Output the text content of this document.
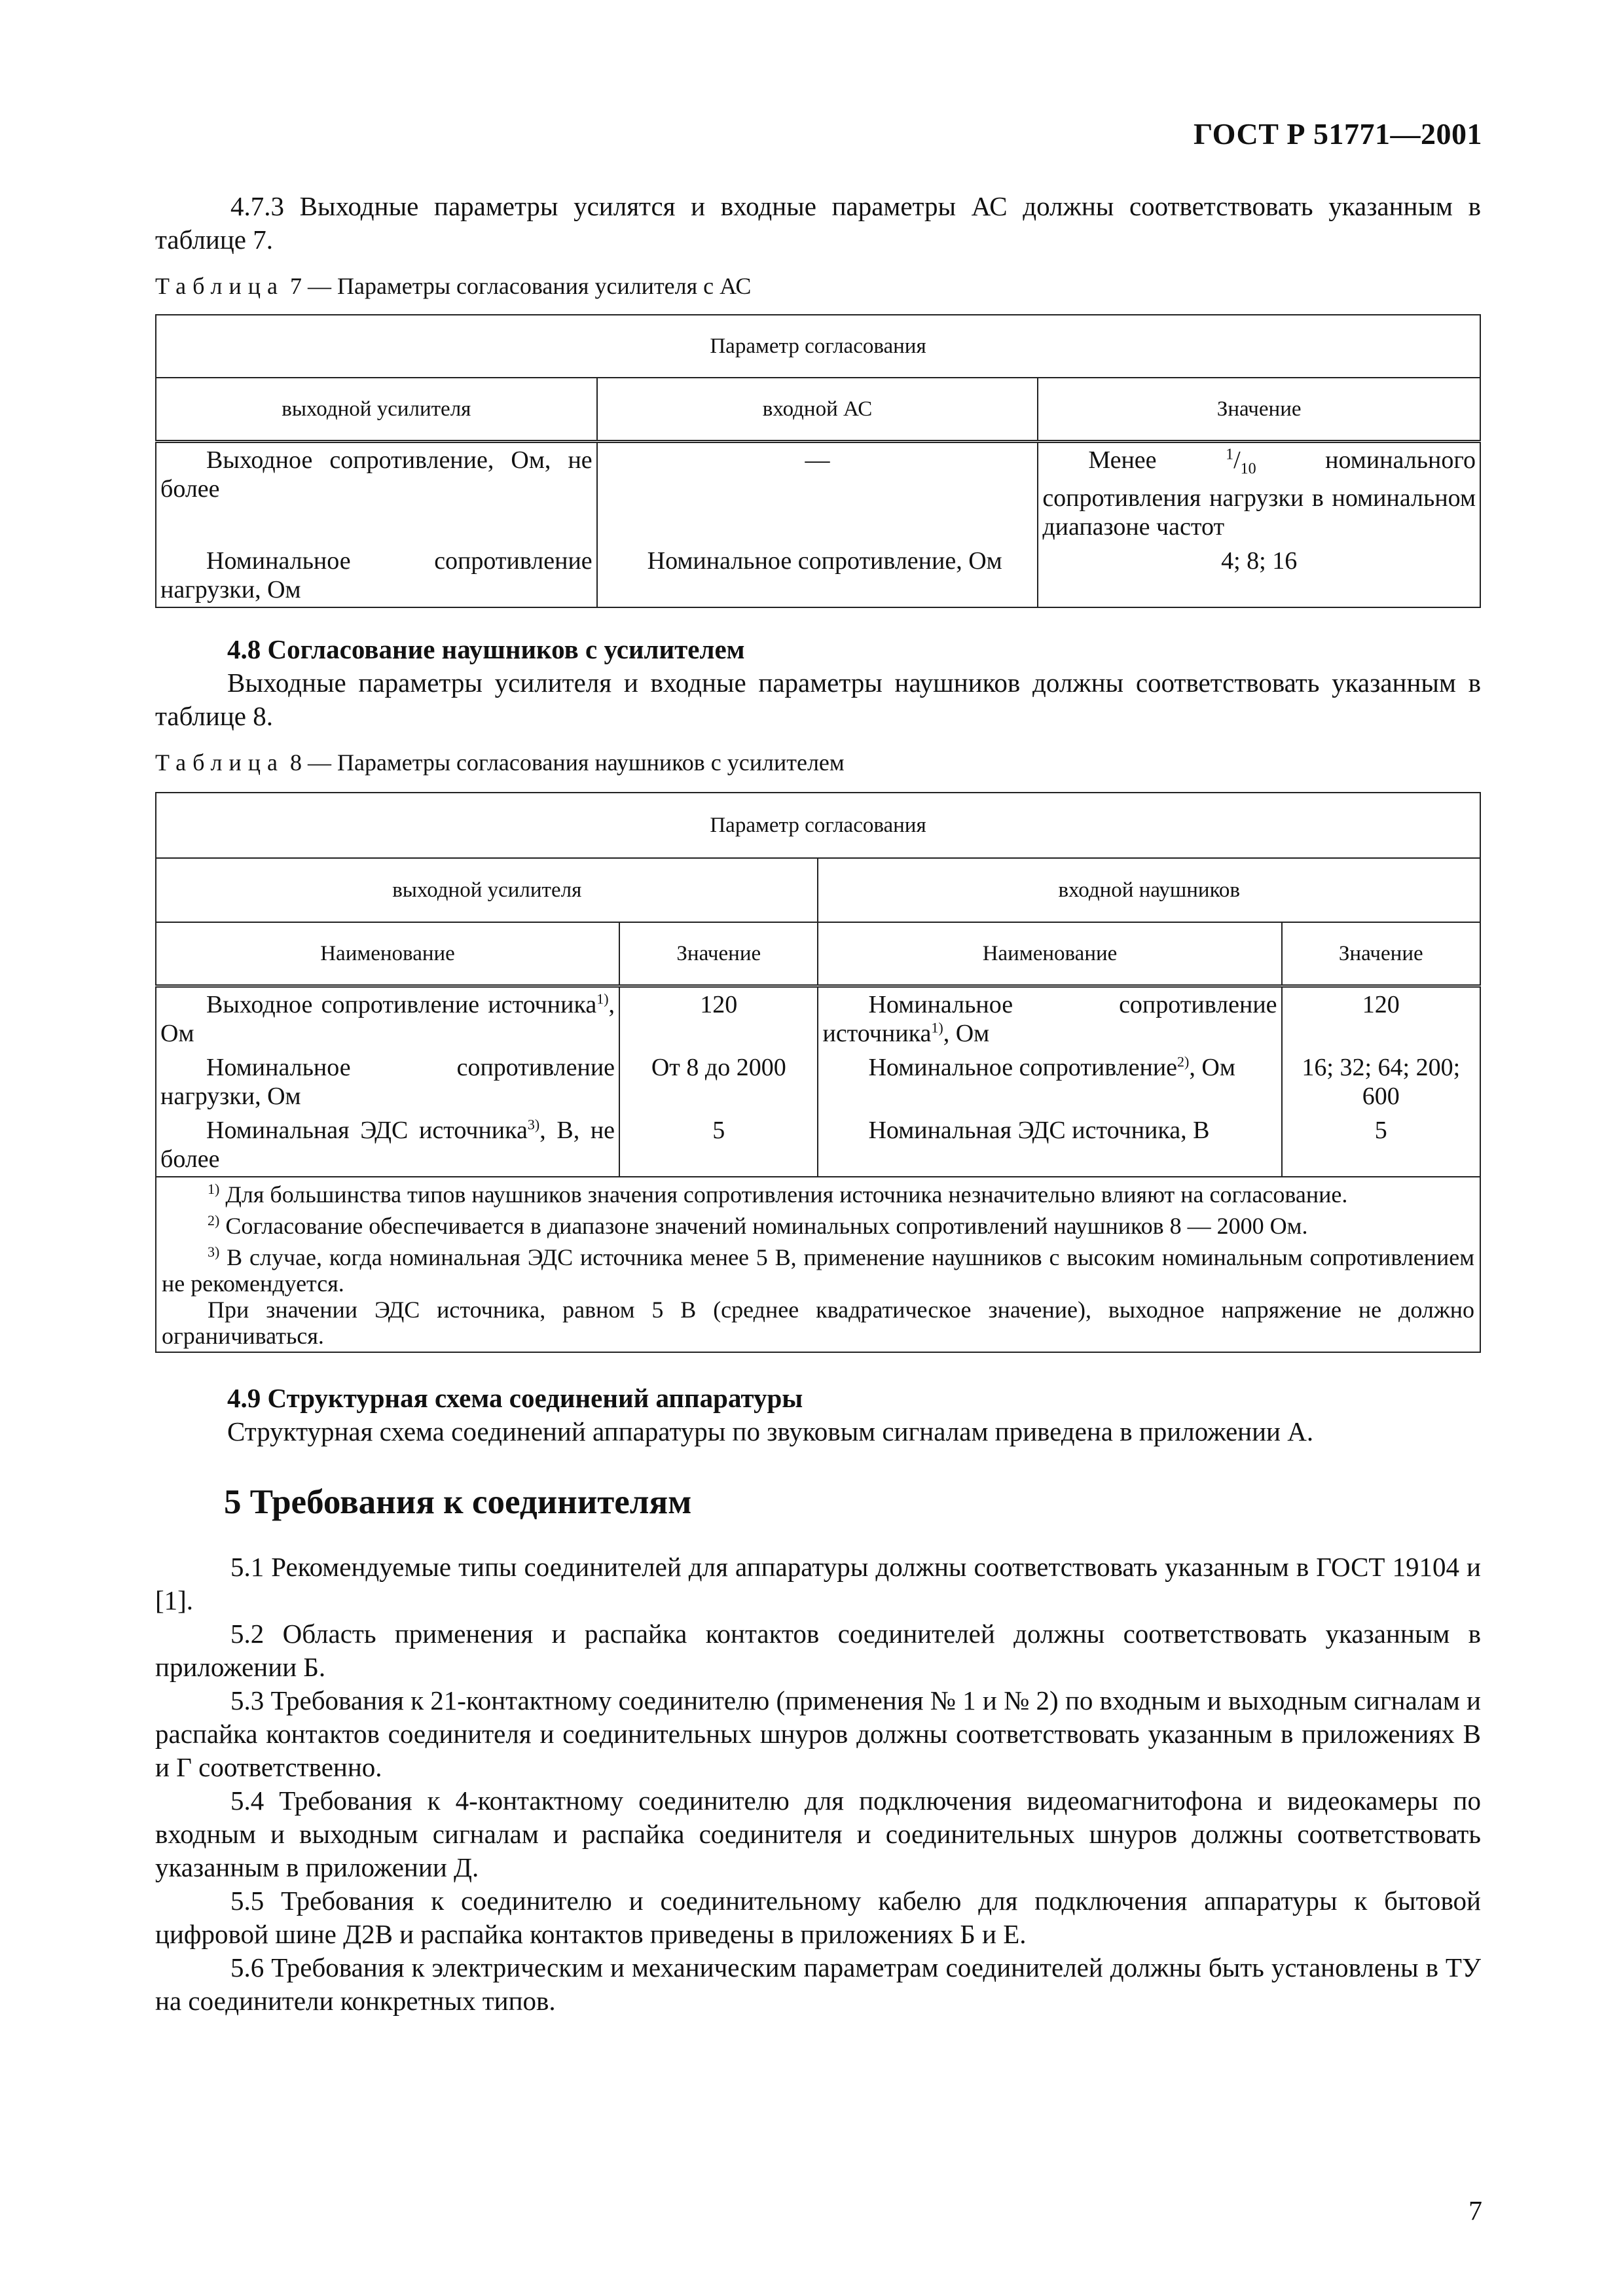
ГОСТ Р 51771—2001

4.7.3 Выходные параметры усилятся и входные параметры АС должны соответствовать указанным в таблице 7.

Таблица 7 — Параметры согласования усилителя с АС

Параметр согласования		
выходной усилителя	входной АС	Значение

Выходное сопротивление, Ом, не более	—	Менее $^1/_{10}$ номинального сопротивления нагрузки в номинальном диапазоне частот

Номинальное сопротивление нагрузки, Ом	Номинальное сопротивление, Ом	4; 8; 16

4.8 Согласование наушников с усилителем

Выходные параметры усилителя и входные параметры наушников должны соответствовать указанным в таблице 8.

Таблица 8 — Параметры согласования наушников с усилителем

Параметр согласования			
выходной усилителя		входной наушников	
Наименование	Значение	Наименование	Значение

Выходное сопротивление источника$^{1)}$, Ом	120	Номинальное сопротивление источника$^{1)}$, Ом	120

Номинальное сопротивление нагрузки, Ом	От 8 до 2000	Номинальное сопротивление$^{2)}$, Ом	16; 32; 64; 200; 600

Номинальная ЭДС источника$^{3)}$, В, не более	5	Номинальная ЭДС источника, В	5

$^{1)}$ Для большинства типов наушников значения сопротивления источника незначительно влияют на согласование.

$^{2)}$ Согласование обеспечивается в диапазоне значений номинальных сопротивлений наушников 8 — 2000 Ом.

$^{3)}$ В случае, когда номинальная ЭДС источника менее 5 В, применение наушников с высоким номинальным сопротивлением не рекомендуется.

При значении ЭДС источника, равном 5 В (среднее квадратическое значение), выходное напряжение не должно ограничиваться.			

4.9 Структурная схема соединений аппаратуры

Структурная схема соединений аппаратуры по звуковым сигналам приведена в приложении А.

5 Требования к соединителям

5.1 Рекомендуемые типы соединителей для аппаратуры должны соответствовать указанным в ГОСТ 19104 и [1].

5.2 Область применения и распайка контактов соединителей должны соответствовать указанным в приложении Б.

5.3 Требования к 21-контактному соединителю (применения № 1 и № 2) по входным и выходным сигналам и распайка контактов соединителя и соединительных шнуров должны соответствовать указанным в приложениях В и Г соответственно.

5.4 Требования к 4-контактному соединителю для подключения видеомагнитофона и видеокамеры по входным и выходным сигналам и распайка соединителя и соединительных шнуров должны соответствовать указанным в приложении Д.

5.5 Требования к соединителю и соединительному кабелю для подключения аппаратуры к бытовой цифровой шине Д2В и распайка контактов приведены в приложениях Б и Е.

5.6 Требования к электрическим и механическим параметрам соединителей должны быть установлены в ТУ на соединители конкретных типов.

7
